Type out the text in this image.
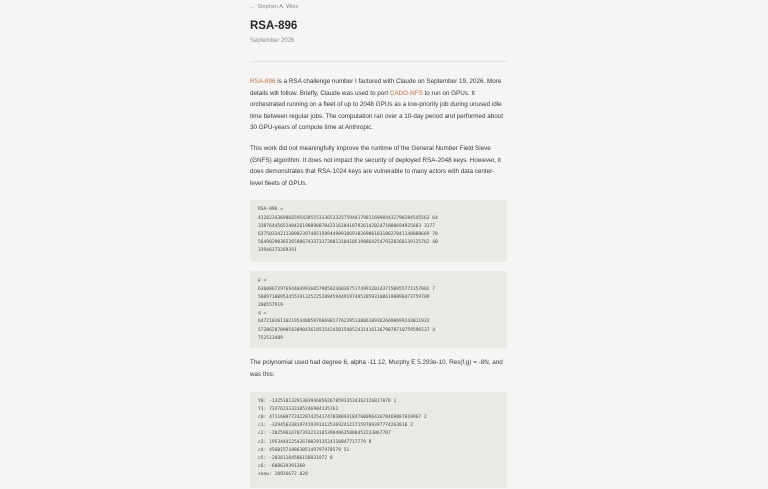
← Stephen A. Weis
RSA-896
September 2026

RSA-896 is a RSA challenge number I factored with Claude on September 19, 2026. More details will follow. Briefly, Claude was used to port CADO-NFS to run on GPUs. It orchestrated running on a fleet of up to 2048 GPUs as a low-priority job during unused idle time between regular jobs. The computation ran over a 10-day period and performed about 30 GPU-years of compute time at Anthropic.

This work did not meaningfully improve the runtime of the General Number Field Sieve (GNFS) algorithm. It does not impact the security of deployed RSA-2048 keys. However, it does demonstrates that RSA-1024 keys are vulnerable to many actors with data center-level fleets of GPUs.

RSA-896 =
41202343698665954385553136533257594817981169984432798284545562 64
33876445652484261980988704231610418792614202471888694925603 3177
63750334211309823974851509449891069102698618318627041148088669 70
56490290365365886743373172001310410519086425479328260139125762 40
33946373269391
p =
63608672976944049916657905023603675174991201437150955771357002 7
50097180953455191325225209459449197495285931086198890473759709
200557919
q =
64721016110219544805876869817762395138061093626698699243011933
57286287090583090436185154245015485243141613679078710759596537 4
752513489

The polynomial used had degree 6, alpha -11.12, Murphy E 5.293e-10, Res(f,g) = -8N, and was this:

Y0: -1325181329138394685626785933534362126817870 1
Y1: 7347623333185246984135261
c0: 4711680772422874254174703889318476009643678469887019967 2
c1: -3294563381974193914125369241217159709397774263016 2
c2: -2025961670739321318539049635008452233067707
c3: 19534441254267002913524110047717779 8
c4: 45601571886305149797970579 51
c5: -20381184586158831972 0
c6: -608639391360
skew: 20926672.028
